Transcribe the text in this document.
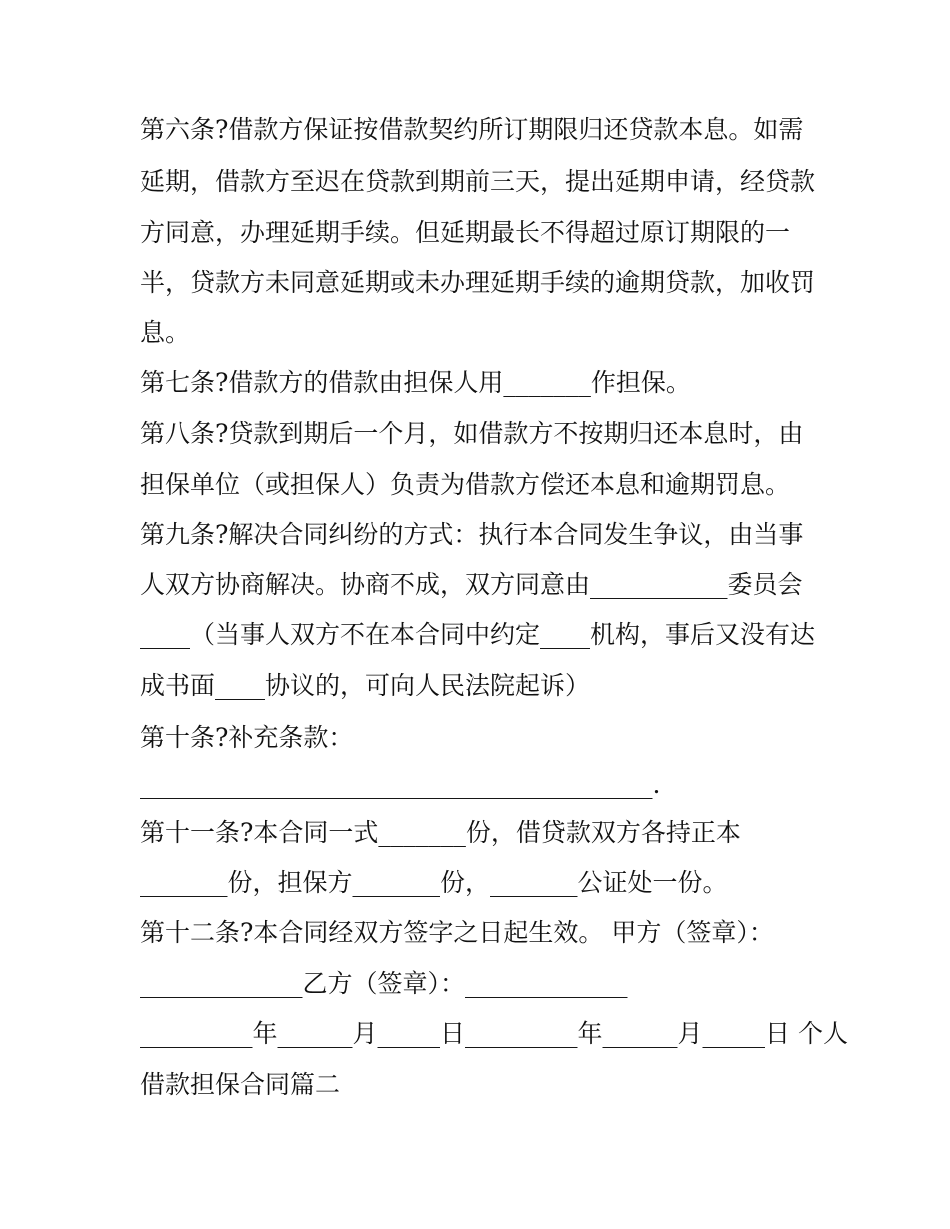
第六条?借款方保证按借款契约所订期限归还贷款本息。如需
延期，借款方至迟在贷款到期前三天，提出延期申请，经贷款
方同意，办理延期手续。但延期最长不得超过原订期限的一
半，贷款方未同意延期或未办理延期手续的逾期贷款，加收罚
息。
第七条?借款方的借款由担保人用_______作担保。
第八条?贷款到期后一个月，如借款方不按期归还本息时，由
担保单位（或担保人）负责为借款方偿还本息和逾期罚息。
第九条?解决合同纠纷的方式：执行本合同发生争议，由当事
人双方协商解决。协商不成，双方同意由___________委员会
____（当事人双方不在本合同中约定____机构，事后又没有达
成书面____协议的，可向人民法院起诉）
第十条?补充条款：
_________________________________________.
第十一条?本合同一式_______份，借贷款双方各持正本
_______份，担保方_______份，_______公证处一份。
第十二条?本合同经双方签字之日起生效。 甲方（签章）：
_____________乙方（签章）：_____________
_________年______月_____日_________年______月_____日 个人
借款担保合同篇二
